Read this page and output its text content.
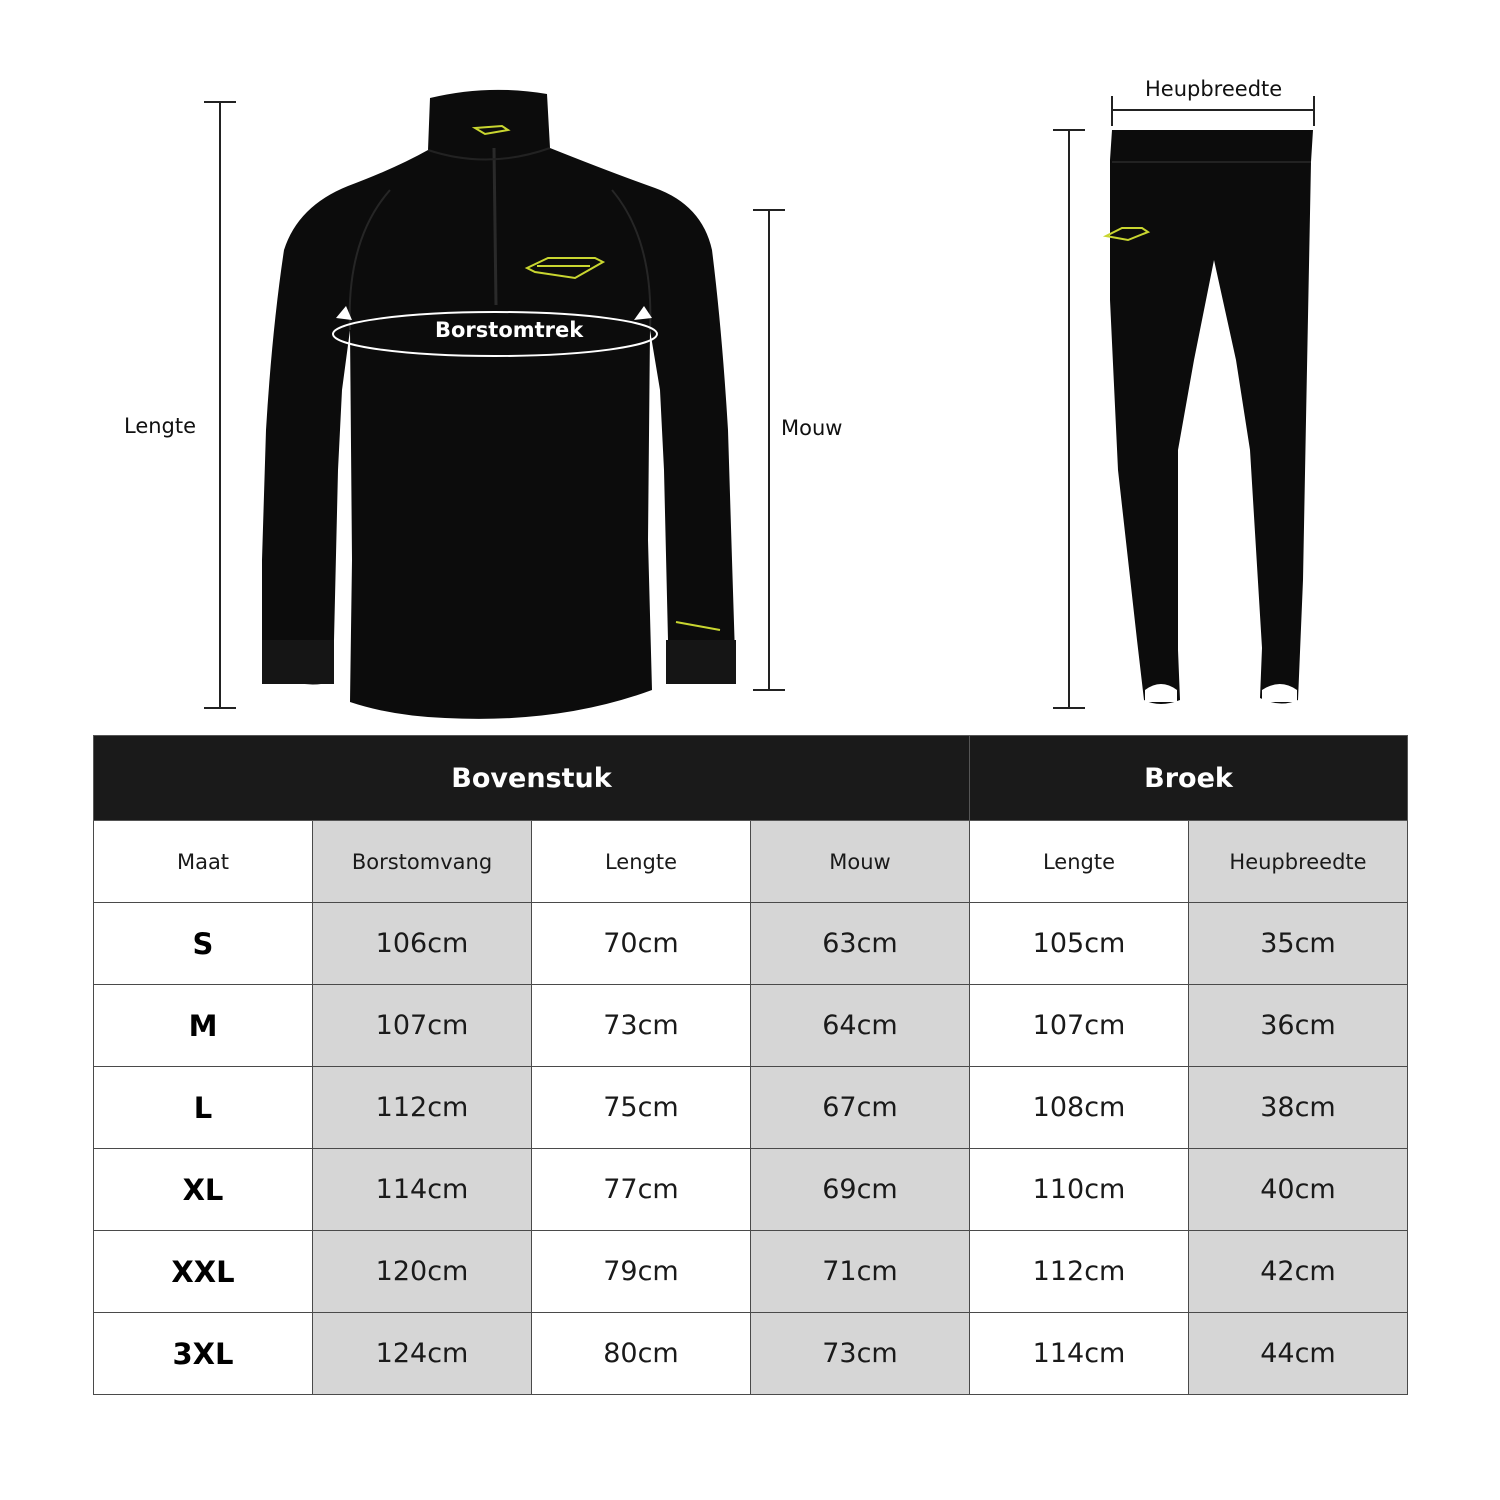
Lengte
Borstomtrek
Mouw
Heupbreedte
Bovenstuk				Broek	
Maat	Borstomvang	Lengte	Mouw	Lengte	Heupbreedte
S	106cm	70cm	63cm	105cm	35cm
M	107cm	73cm	64cm	107cm	36cm
L	112cm	75cm	67cm	108cm	38cm
XL	114cm	77cm	69cm	110cm	40cm
XXL	120cm	79cm	71cm	112cm	42cm
3XL	124cm	80cm	73cm	114cm	44cm
